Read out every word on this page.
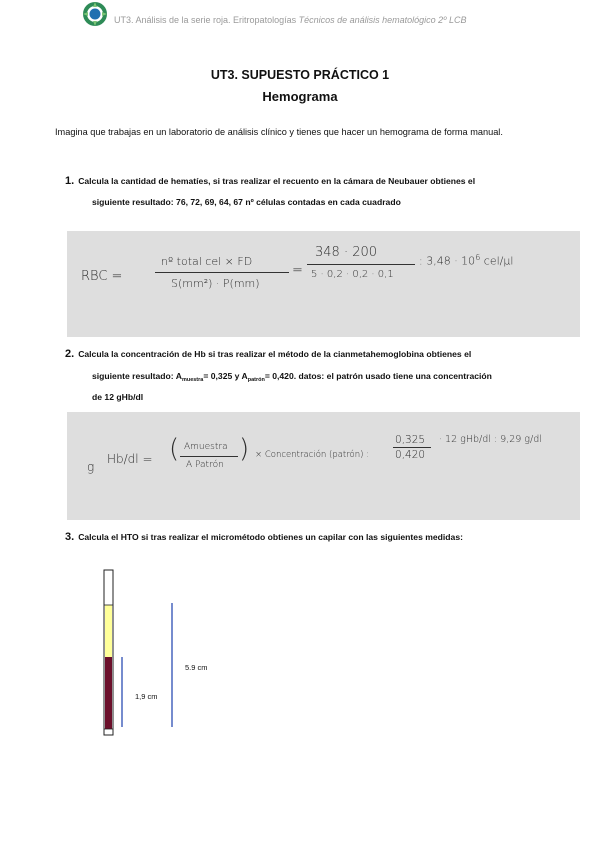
UT3. Análisis de la serie roja. Eritropatologías Técnicos de análisis hematológico 2º LCB
UT3. SUPUESTO PRÁCTICO 1
Hemograma
Imagina que trabajas en un laboratorio de análisis clínico y tienes que hacer un hemograma de forma manual.
1. Calcula la cantidad de hematíes, si tras realizar el recuento en la cámara de Neubauer obtienes el
siguiente resultado: 76, 72, 69, 64, 67 nº células contadas en cada cuadrado
RBC =
nº total cel × FD
S(mm²) · P(mm)
=
348 · 200
5 · 0,2 · 0,2 · 0,1
: $3,48 \cdot 10^6$ cel/µl
2. Calcula la concentración de Hb si tras realizar el método de la cianmetahemoglobina obtienes el
siguiente resultado: $A_{muestra}= 0,325$ y $A_{patrón}= 0,420$. datos: el patrón usado tiene una concentración
de 12 gHb/dl
g
Hb/dl = ( Amuestra
A Patrón
) × Concentración (patrón) :
0,325
0,420
· 12 gHb/dl : 9,29 g/dl
3. Calcula el HTO si tras realizar el micrométodo obtienes un capilar con las siguientes medidas:
5.9 cm
1,9 cm
